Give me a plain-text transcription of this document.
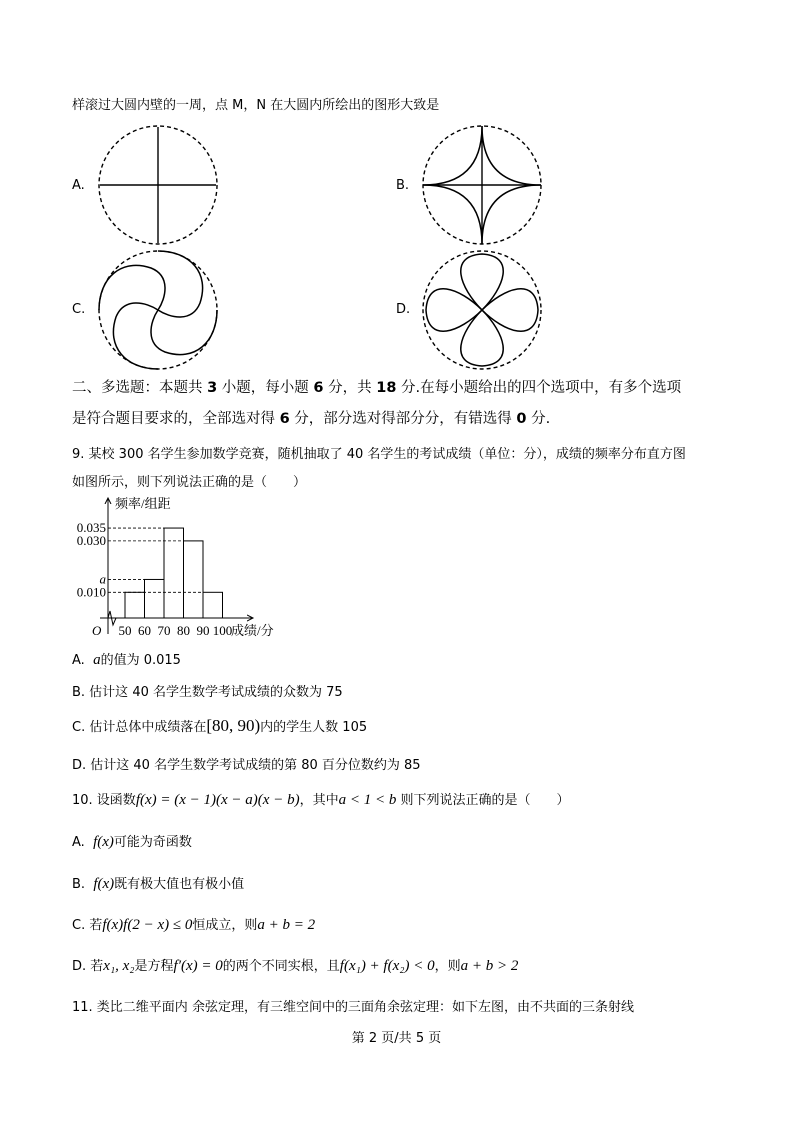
样滚过大圆内壁的一周，点 M，N 在大圆内所绘出的图形大致是
A.	B.
C.	D.
二、多选题：本题共 3 小题，每小题 6 分，共 18 分.在每小题给出的四个选项中，有多个选项
是符合题目要求的，全部选对得 6 分，部分选对得部分分，有错选得 0 分.
9. 某校 300 名学生参加数学竞赛，随机抽取了 40 名学生的考试成绩（单位：分），成绩的频率分布直方图
如图所示，则下列说法正确的是（　　）
频率/组距
O 50 60 70 80 90 100
0.035
0.030
a
0.010
成绩/分
A. a的值为 0.015
B. 估计这 40 名学生数学考试成绩的众数为 75
C. 估计总体中成绩落在[80, 90)内的学生人数 105
D. 估计这 40 名学生数学考试成绩的第 80 百分位数约为 85
10. 设函数f(x) = (x − 1)(x − a)(x − b)，其中a < 1 < b 则下列说法正确的是（　　）
A. f(x)可能为奇函数
B. f(x)既有极大值也有极小值
C. 若f(x)f(2 − x) ≤ 0恒成立，则a + b = 2
D. 若x₁, x₂是方程f′(x) = 0的两个不同实根，且f(x₁) + f(x₂) < 0，则a + b > 2
11. 类比二维平面内 余弦定理，有三维空间中的三面角余弦定理：如下左图，由不共面的三条射线
第 2 页/共 5 页
